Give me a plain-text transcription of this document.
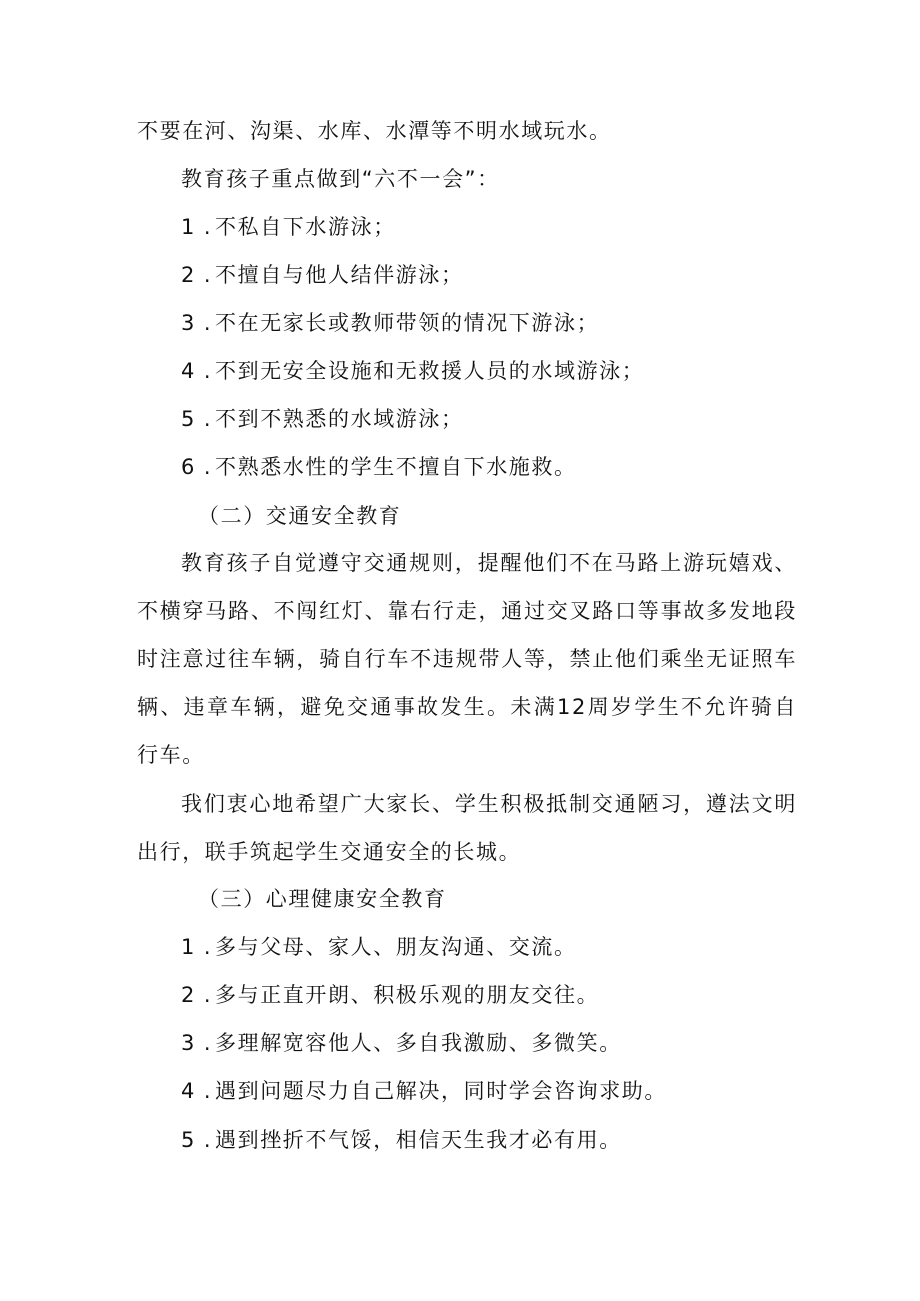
不要在河、沟渠、水库、水潭等不明水域玩水。
教育孩子重点做到“六不一会”：
1 . 不私自下水游泳；
2 . 不擅自与他人结伴游泳；
3 . 不在无家长或教师带领的情况下游泳；
4 . 不到无安全设施和无救援人员的水域游泳；
5 . 不到不熟悉的水域游泳；
6 . 不熟悉水性的学生不擅自下水施救。
（二）交通安全教育
教育孩子自觉遵守交通规则，提醒他们不在马路上游玩嬉戏、不横穿马路、不闯红灯、靠右行走，通过交叉路口等事故多发地段时注意过往车辆，骑自行车不违规带人等，禁止他们乘坐无证照车辆、违章车辆，避免交通事故发生。未满12周岁学生不允许骑自行车。
我们衷心地希望广大家长、学生积极抵制交通陋习，遵法文明出行，联手筑起学生交通安全的长城。
（三）心理健康安全教育
1 . 多与父母、家人、朋友沟通、交流。
2 . 多与正直开朗、积极乐观的朋友交往。
3 . 多理解宽容他人、多自我激励、多微笑。
4 . 遇到问题尽力自己解决，同时学会咨询求助。
5 . 遇到挫折不气馁，相信天生我才必有用。
